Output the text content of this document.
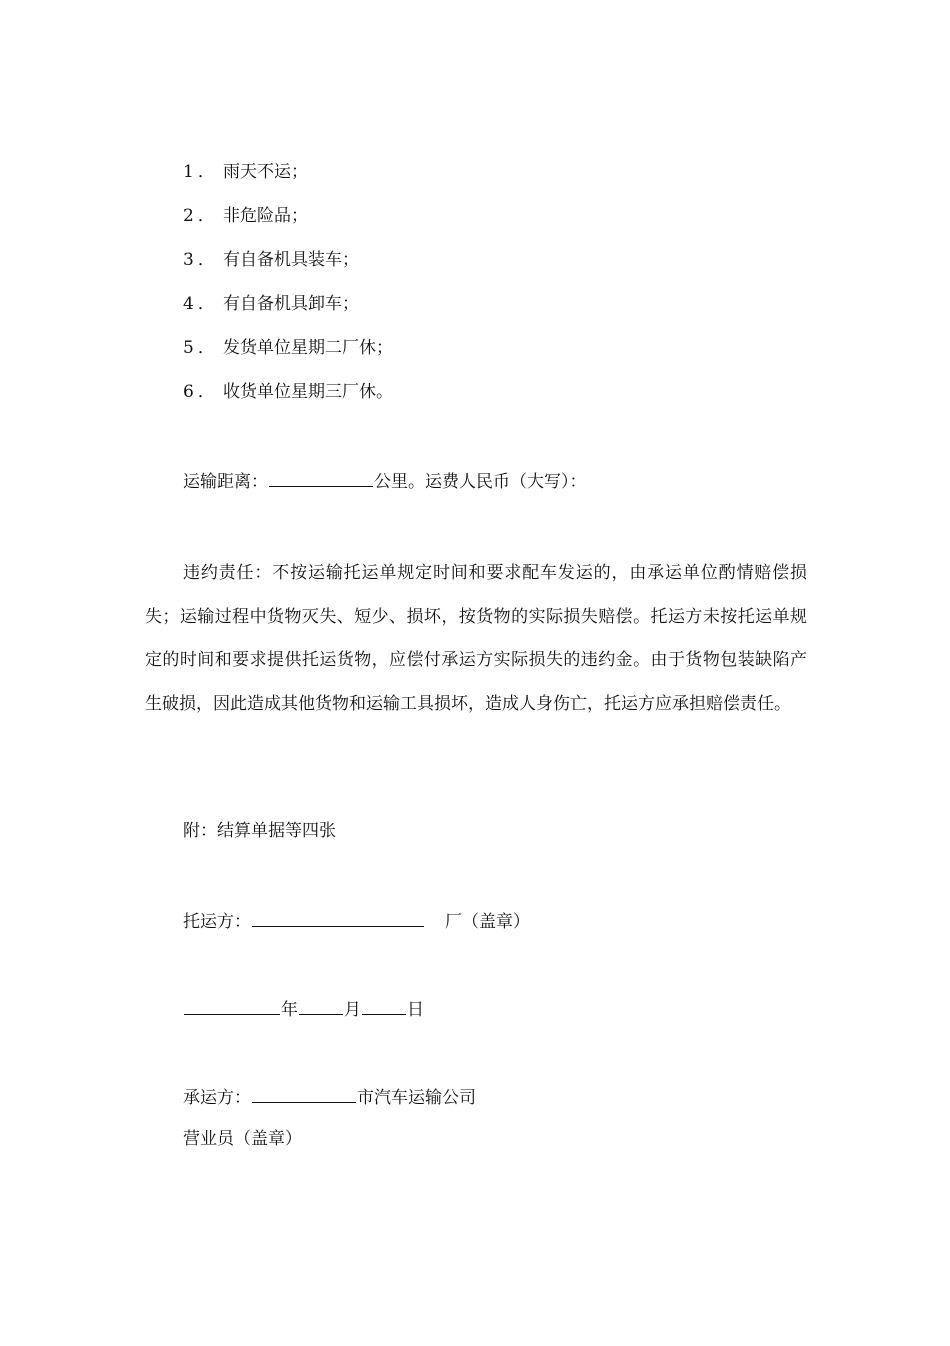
1． 雨天不运；
2． 非危险品；
3． 有自备机具装车；
4． 有自备机具卸车；
5． 发货单位星期二厂休；
6． 收货单位星期三厂休。
运输距离：	公里。运费人民币（大写）：

违约责任：不按运输托运单规定时间和要求配车发运的，由承运单位酌情赔偿损失；运输过程中货物灭失、短少、损坏，按货物的实际损失赔偿。托运方未按托运单规定的时间和要求提供托运货物，应偿付承运方实际损失的违约金。由于货物包装缺陷产生破损，因此造成其他货物和运输工具损坏，造成人身伤亡，托运方应承担赔偿责任。

附：结算单据等四张
托运方：	厂（盖章）
年	月	日
承运方：	市汽车运输公司
营业员（盖章）
